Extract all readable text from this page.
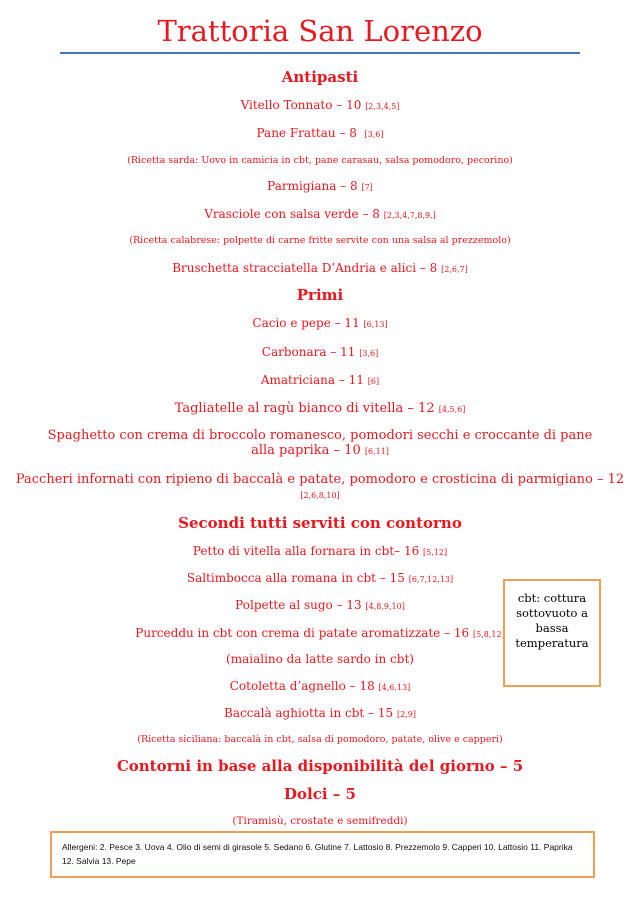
Trattoria San Lorenzo
Antipasti
Vitello Tonnato – 10 [2,3,4,5]
Pane Frattau – 8 [3,6]
(Ricetta sarda: Uovo in camicia in cbt, pane carasau, salsa pomodoro, pecorino)
Parmigiana – 8 [7]
Vrasciole con salsa verde – 8 [2,3,4,7,8,9,]
(Ricetta calabrese: polpette di carne fritte servite con una salsa al prezzemolo)
Bruschetta stracciatella D’Andria e alici – 8 [2,6,7]
Primi
Cacio e pepe – 11 [6,13]
Carbonara – 11 [3,6]
Amatriciana – 11 [6]
Tagliatelle al ragù bianco di vitella – 12 [4,5,6]
Spaghetto con crema di broccolo romanesco, pomodori secchi e croccante di pane
alla paprika – 10 [6,11]
Paccheri infornati con ripieno di baccalà e patate, pomodoro e crosticina di parmigiano – 12
[2,6,8,10]
Secondi tutti serviti con contorno
Petto di vitella alla fornara in cbt– 16 [5,12]
Saltimbocca alla romana in cbt – 15 [6,7,12,13]
Polpette al sugo – 13 [4,8,9,10]
Purceddu in cbt con crema di patate aromatizzate – 16 [5,8,12]
(maialino da latte sardo in cbt)
Cotoletta d’agnello – 18 [4,6,13]
Baccalà aghiotta in cbt – 15 [2,9]
(Ricetta siciliana: baccalà in cbt, salsa di pomodoro, patate, olive e capperi)
Contorni in base alla disponibilità del giorno – 5
Dolci – 5
(Tiramisù, crostate e semifreddi)
cbt: cottura
sottovuoto a
bassa
temperatura
Allergeni: 2. Pesce 3. Uova 4. Olio di semi di girasole 5. Sedano 6. Glutine 7. Lattosio 8. Prezzemolo 9. Capperi 10. Lattosio 11. Paprika 12. Salvia 13. Pepe
